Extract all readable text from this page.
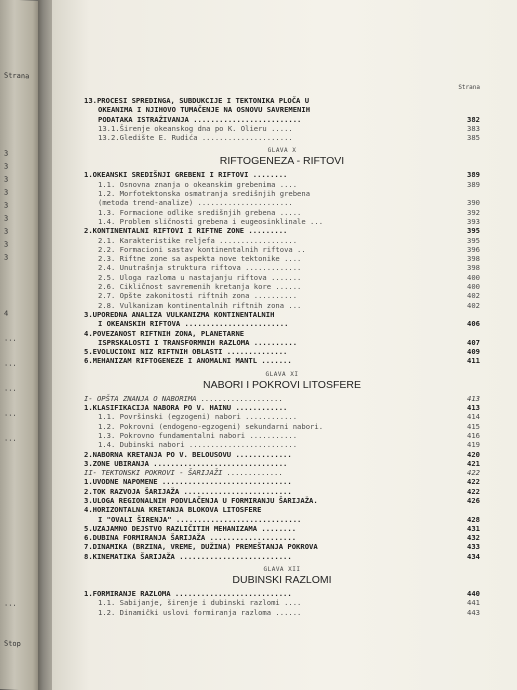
Strana
3
3
3
3
3
3
3
3
3
4
...
...
...
...
...
...
Stop
Strana
13. PROCESI SPREDINGA, SUBDUKCIJE I TEKTONIKA PLOČA U
OKEANIMA I NJIHOVO TUMAČENJE NA OSNOVU SAVREMENIH
PODATAKA ISTRAŽIVANJA .........................	382
13.1.Širenje okeanskog dna po K. Olieru .....	383
13.2.Gledište E. Rudića .....................	385
GLAVA X
RIFTOGENEZA - RIFTOVI
1. OKEANSKI SREDIŠNJI GREBENI I RIFTOVI ........	389
1.1. Osnovna znanja o okeanskim grebenima ....	389
1.2. Morfotektonska osmatranja središnjih grebena
(metoda trend-analize) ......................	390
1.3. Formacione odlike središnjih grebena .....	392
1.4. Problem sličnosti grebena i eugeosinklinale ...	393
2. KONTINENTALNI RIFTOVI I RIFTNE ZONE .........	395
2.1. Karakteristike reljefa ..................	395
2.2. Formacioni sastav kontinentalnih riftova ..	396
2.3. Riftne zone sa aspekta nove tektonike ....	398
2.4. Unutrašnja struktura riftova .............	398
2.5. Uloga razloma u nastajanju riftova .......	400
2.6. Cikličnost savremenih kretanja kore ......	400
2.7. Opšte zakonitosti riftnih zona ..........	402
2.8. Vulkanizam kontinentalnih riftnih zona ...	402
3. UPOREDNA ANALIZA VULKANIZMA KONTINENTALNIH
I OKEANSKIH RIFTOVA ........................	406
4. POVEZANOST RIFTNIH ZONA, PLANETARNE
ISPRSKALOSTI I TRANSFORMNIH RAZLOMA ..........	407
5. EVOLUCIONI NIZ RIFTNIH OBLASTI ..............	409
6. MEHANIZAM RIFTOGENEZE I ANOMALNI MANTL .......	411
GLAVA XI
NABORI I POKROVI LITOSFERE
I - OPŠTA ZNANJA O NABORIMA ...................	413
1. KLASIFIKACIJA NABORA PO V. HAINU ............	413
1.1. Površinski (egzogeni) nabori ............	414
1.2. Pokrovni (endogeno-egzogeni) sekundarni nabori.	415
1.3. Pokrovno fundamentalni nabori ...........	416
1.4. Dubinski nabori .........................	419
2. NABORNA KRETANJA PO V. BELOUSOVU .............	420
3. ZONE UBIRANJA ...............................	421
II - TEKTONSKI POKROVI - ŠARIJAŽI .............	422
1. UVODNE NAPOMENE ..............................	422
2. TOK RAZVOJA ŠARIJAŽA .........................	422
3. ULOGA REGIONALNIH PODVLAČENJA U FORMIRANJU ŠARIJAŽA.	426
4. HORIZONTALNA KRETANJA BLOKOVA LITOSFERE
I "OVALI ŠIRENJA" .............................	428
5. UZAJAMNO DEJSTVO RAZLIČITIH MEHANIZAMA ........	431
6. DUBINA FORMIRANJA ŠARIJAŽA ....................	432
7. DINAMIKA (BRZINA, VREME, DUŽINA) PREMEŠTANJA POKROVA	433
8. KINEMATIKA ŠARIJAŽA ..........................	434
GLAVA XII
DUBINSKI RAZLOMI
1. FORMIRANJE RAZLOMA ...........................	440
1.1. Sabijanje, širenje i dubinski razlomi ....	441
1.2. Dinamički uslovi formiranja razloma ......	443
